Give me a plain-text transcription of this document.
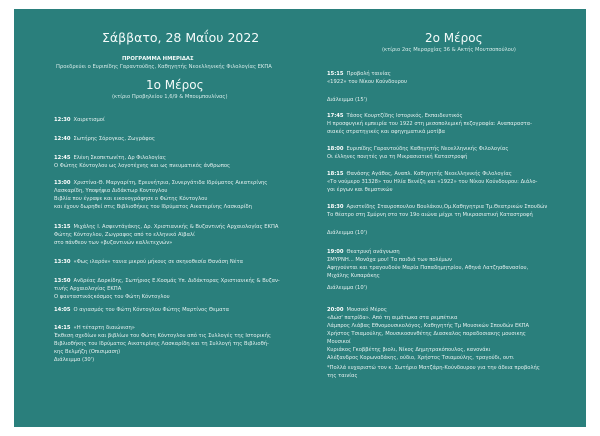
Σάββατο, 28 Μαΐου 2022
ΠΡΟΓΡΑΜΜΑ ΗΜΕΡΙΔΑΣ
Προεδρεύει ο Ευριπίδης Γαραντούδης, Καθηγητής Νεοελληνικής Φιλολογίας ΕΚΠΑ
1ο Μέρος
(κτίριο Προβηλείου 1,6/9 & Μπουμπουλίνας)
12:30 Χαιρετισμοί
12:40 Σωτήρης Σόρογκας, Ζωγράφος
12:45 Ελένη Σκοπετωνίτη, Δρ Φιλολογίας
Ο Φώτης Κόντογλου ως λογοτέχνης και ως πνευματικός άνθρωπος
13:00 Χριστίνα-Θ. Μαργαρίτη, Ερευνήτρια, Συνεργάτιδα Ιδρύματος Αικατερίνης
Λασκαρίδη, Υποψήφια Διδάκτωρ Κοντογλου
Βιβλία που έγραψε και εικονογράφησε ο Φώτης Κόντογλου
και έχουν δωρηθεί στις Βιβλιοθήκες του Ιδρύματος Αικατερίνης Λασκαρίδη
13:15 Μιχάλης Ι. Ασφεντάγάκης, Δρ. Χριστιανικής & Βυζαντινής Αρχαιολογίας ΕΚΠΑ
Φώτης Κόντογλου, Ζωγραφος από το ελληνικό Αϊβαλί
στο πάνθεον των «βυζαντινών καλλιτεχνών»
13:30 «Φως ιλαρόν» τανια μικρού μήκους σε σκηνοθεσία Θανάση Νέτα
13:50 Ανδρέας Δαρκίδης, Σωτήριος Ε.Κοσμάς Υπ. Διδάκτορας Χριστιανικής & Βυζαν-
τινής Αρχαιολογίας ΕΚΠΑ
Ο φανταστικόςκόσμος του Φώτη Κόντογλου
14:05 Ο αγιασμός του Φώτη Κόντογλου Φώτης Μαρτίνος Θεματα
14:15 «Η τέταρτη διαιώνιση»
Έκθεση σχεδίων και βιβλίων του Φώτη Κόντογλου από τις Συλλογές της Ιστορικής
Βιβλιοθήκης του Ιδρύματος Αικατερίνης Λασκαρίδη και τη Συλλογή της Βιβλιοθή-
κης Βελμήζη (Οπισιμαση)
Διάλειμμα (30')
2ο Μέρος
(κτίριο 2ας Μεραρχίας 36 & Ακτής Μουτσοπούλου)
15:15 Προβολή ταινίας
«1922» του Νίκου Κούνδουρου
Διάλειμμα (15')
17:45 Τάσος Κουρτζίδης Ιστορικός, Εκπαιδευτικός
Η προσφυγική εμπειρία του 1922 στη μεσοπολεμική πεζογραφία: Αναπαραστα-
σιακές στρατηγικές και αφηγηματικά μοτίβα
18:00 Ευριπίδης Γαραντούδης Καθηγητής Νεοελληνικής Φιλολογίας
Οι έλληνες ποιητές για τη Μικρασιατική Καταστροφή
18:15 Θανάσης Αγάθος, Αναπλ. Καθηγητής Νεοελληνικής Φιλολογίας
«Το νούμερο 31328» του Ηλία Βενέζη και «1922» του Νίκου Κούνδουρου: Διάλο-
γοι έργων και θεματικών
18:30 Αριστείδης Σταυροπουλου Βουλάκου,Ομ.Καθηγητρια Τμ.Θεατρικών Σπουδών
Το θέατρο στη Σμύρνη στο τον 19ο αιώνα μέχρι τη Μικρασιατική Καταστροφή
Διάλειμμα (10')
19:00 Θεατρική ανάγνωση
ΣΜΥΡΝΗ... Μονάχα μου! Τα παιδιά των πολέμων
Αφηγούνται και τραγουδούν Μαρία Παπαδημητρίου, Αθηνά Λατζηαθανασίου,
Μιχάλης Κυπαράκης
Διάλειμμα (10')
20:00 Μουσικό Μέρος
«Δώσ' πατρίδα». Από τη αιμάτωκα στα ρεμπέτικα
Λάμπρος Λιάβας Εθνομουσικολόγος, Καθηγητής Τμ Μουσικών Σπουδών ΕΚΠΑ
Χρήστος Τσιαμούλης, Μουσικοσυνθέτης Διασκαλος παραδοσιακης μουσικης
Μουσικοί
Κυριάκος Γκοββέτης βιολι, Νίκος Δημητρακόπουλος, κανονάκι
Αλέξανδρος Κορωναδάκης, ούδιο, Χρήστος Τσιαμούλης, τραγούδι, ουτι
*Πολλά ευχαριστώ τον κ. Σωτήριο Ματζάρη-Κούνδουρου για την άδεια προβολής
της ταινίας
